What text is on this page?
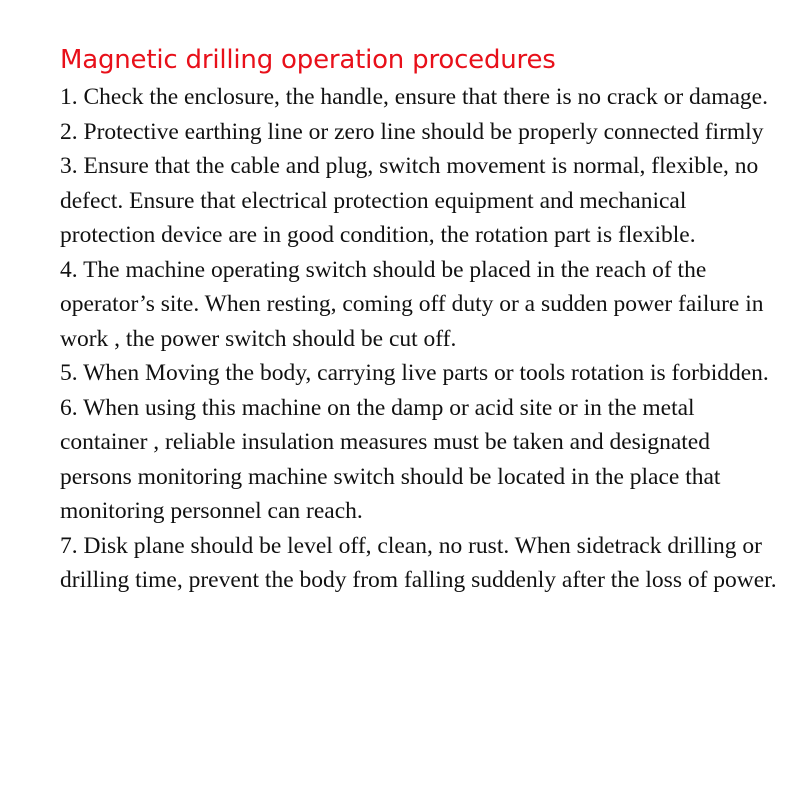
Magnetic drilling operation procedures
1. Check the enclosure, the handle, ensure that there is no crack or damage.
2. Protective earthing line or zero line should be properly connected firmly
3. Ensure that the cable and plug, switch movement is normal, flexible, no defect. Ensure that electrical protection equipment and mechanical protection device are in good condition, the rotation part is flexible.
4. The machine operating switch should be placed in the reach of the operator’s site. When resting, coming off duty or a sudden power failure in work , the power switch should be cut off.
5. When Moving the body, carrying live parts or tools rotation is forbidden.
6. When using this machine on the damp or acid site or in the metal container , reliable insulation measures must be taken and designated persons monitoring machine switch should be located in the place that monitoring personnel can reach.
7. Disk plane should be level off, clean, no rust. When sidetrack drilling or drilling time, prevent the body from falling suddenly after the loss of power.
